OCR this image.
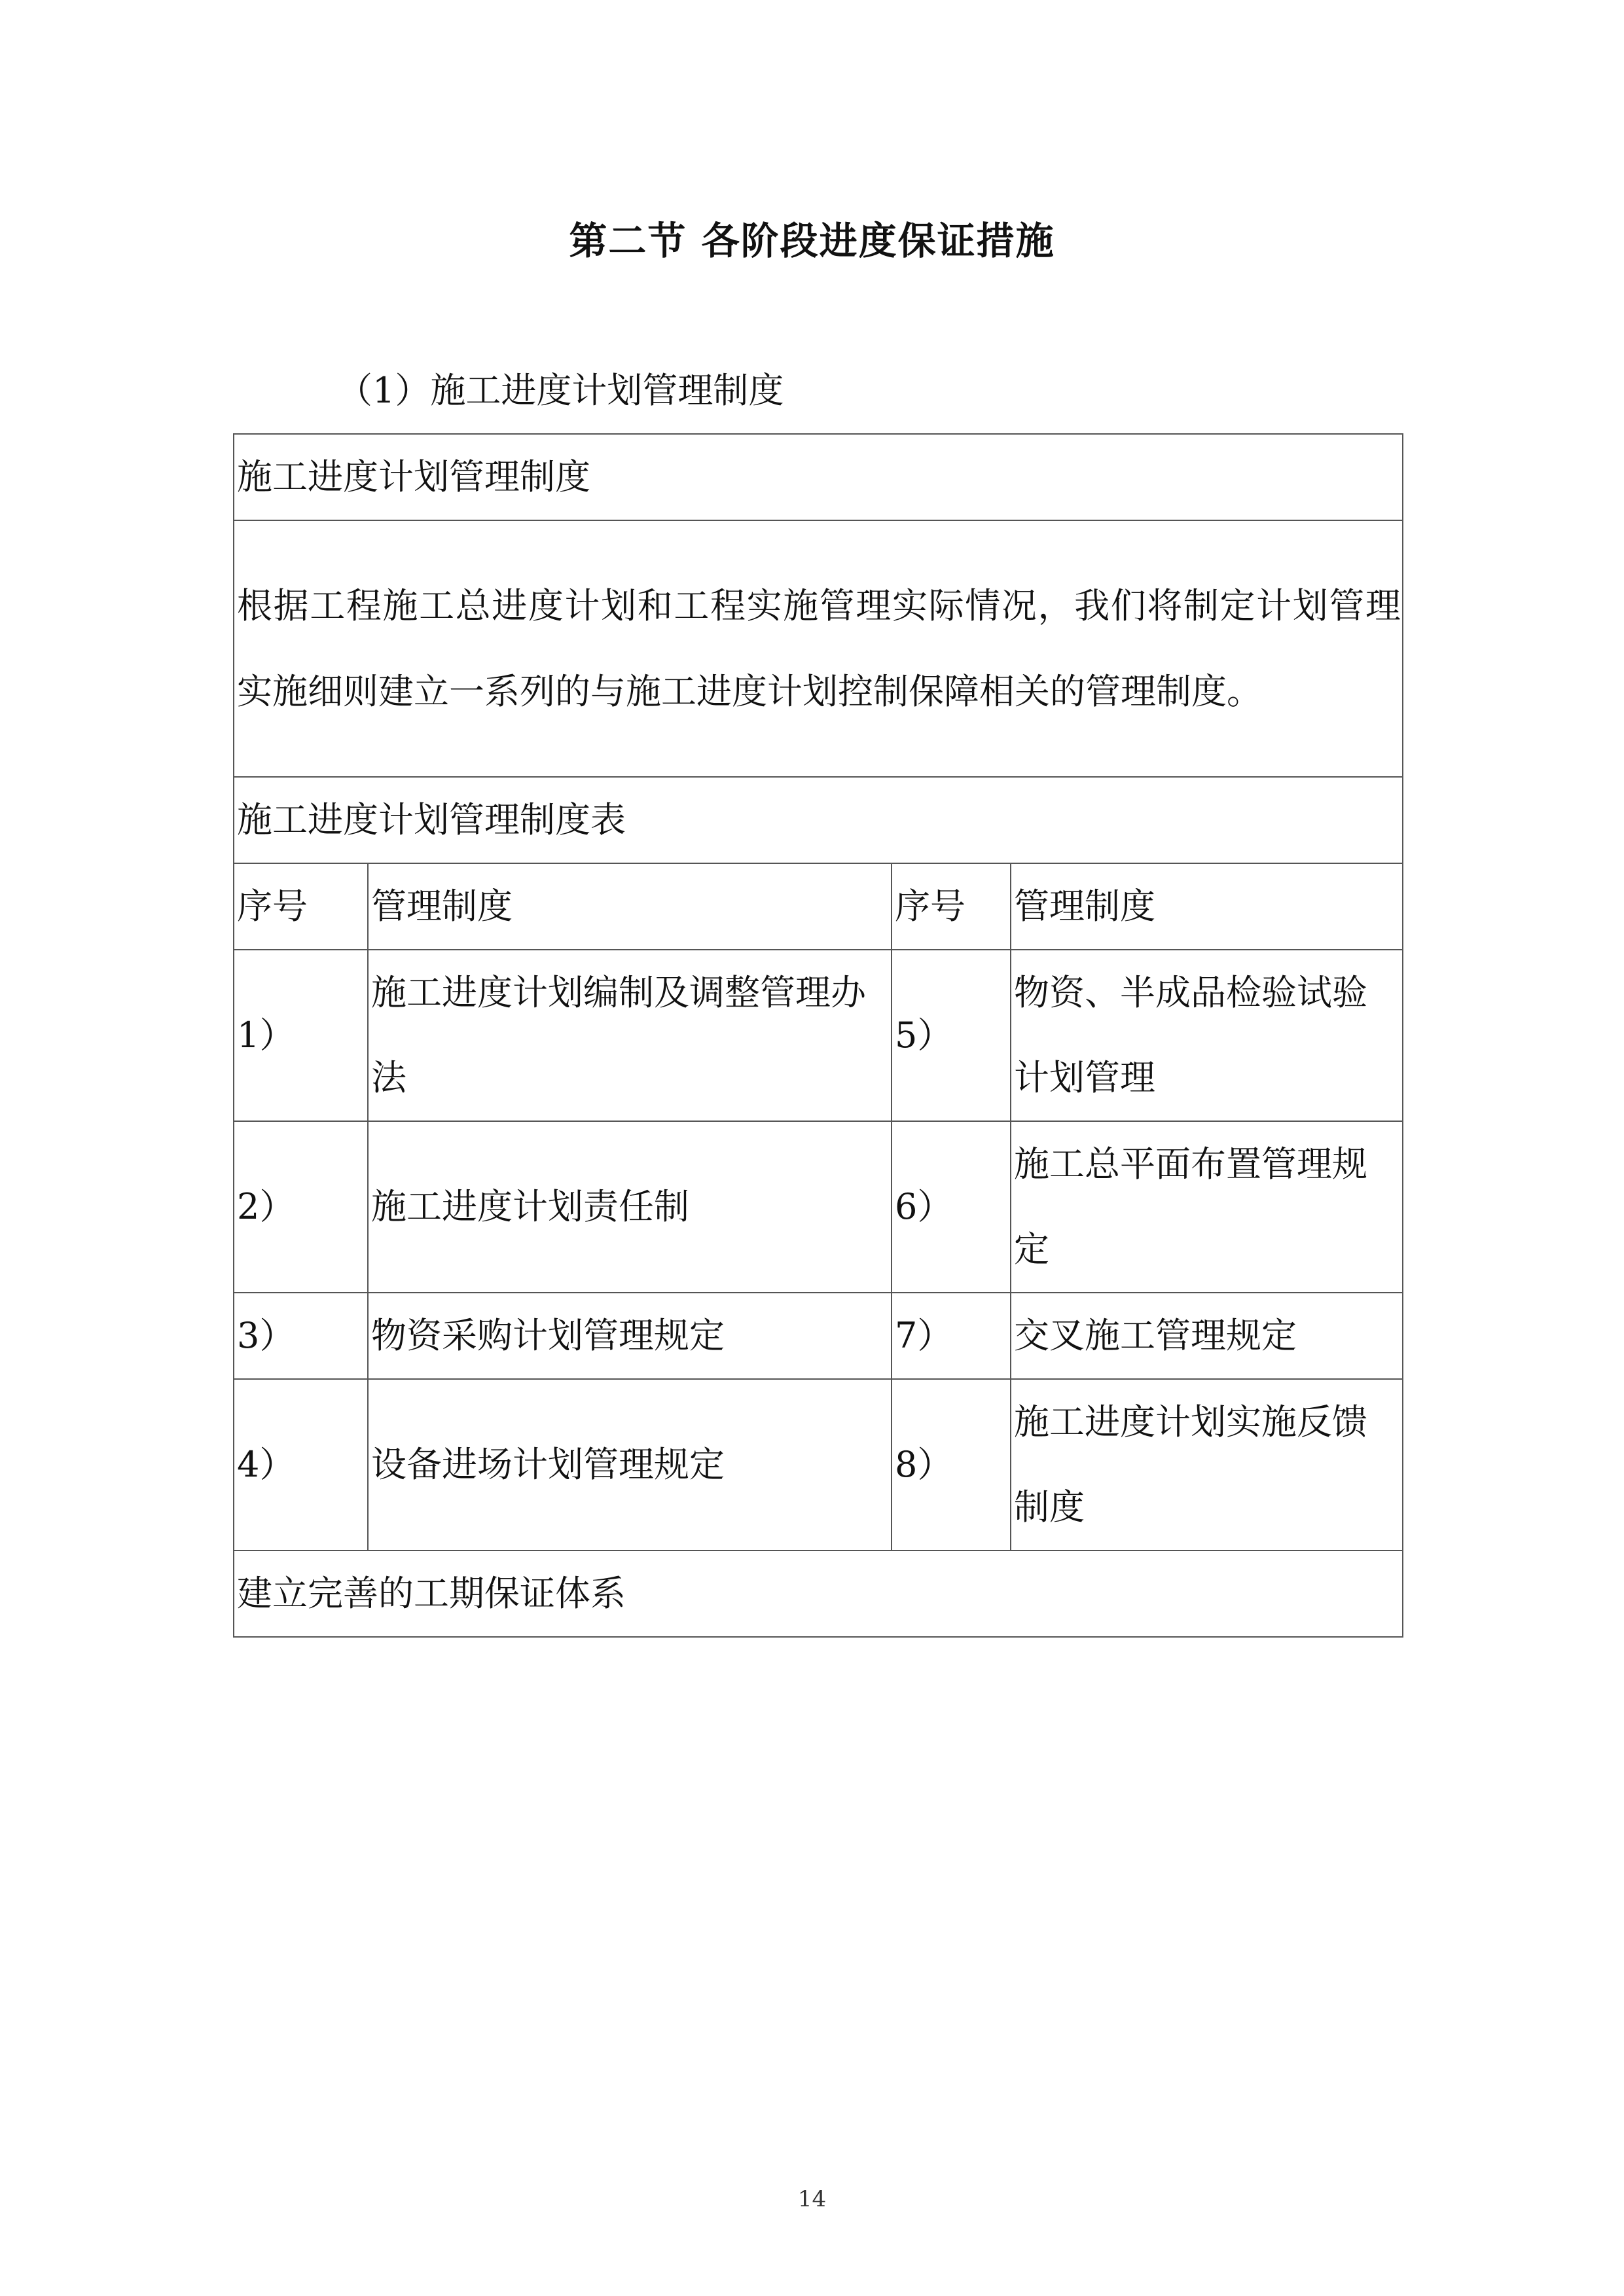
第二节 各阶段进度保证措施
（1）施工进度计划管理制度
施工进度计划管理制度			
根据工程施工总进度计划和工程实施管理实际情况，我们将制定计划管理实施细则建立一系列的与施工进度计划控制保障相关的管理制度。			
施工进度计划管理制度表			
序号	管理制度	序号	管理制度
1）	施工进度计划编制及调整管理办法	5）	物资、半成品检验试验计划管理
2）	施工进度计划责任制	6）	施工总平面布置管理规定
3）	物资采购计划管理规定	7）	交叉施工管理规定
4）	设备进场计划管理规定	8）	施工进度计划实施反馈制度
建立完善的工期保证体系			
14
